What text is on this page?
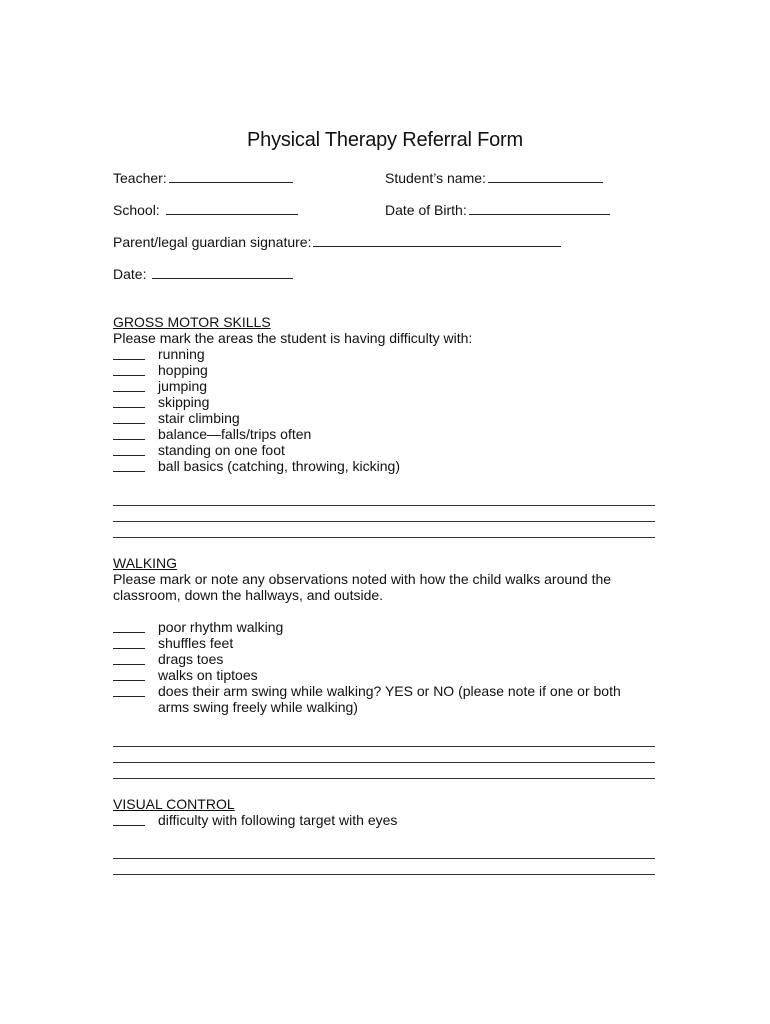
Physical Therapy Referral Form
Teacher:	Student’s name:
School:	Date of Birth:
Parent/legal guardian signature:
Date:
GROSS MOTOR SKILLS
Please mark the areas the student is having difficulty with:
running
hopping
jumping
skipping
stair climbing
balance—falls/trips often
standing on one foot
ball basics (catching, throwing, kicking)
WALKING
Please mark or note any observations noted with how the child walks around the
classroom, down the hallways, and outside.
poor rhythm walking
shuffles feet
drags toes
walks on tiptoes
does their arm swing while walking? YES or NO (please note if one or both
arms swing freely while walking)
VISUAL CONTROL
difficulty with following target with eyes
